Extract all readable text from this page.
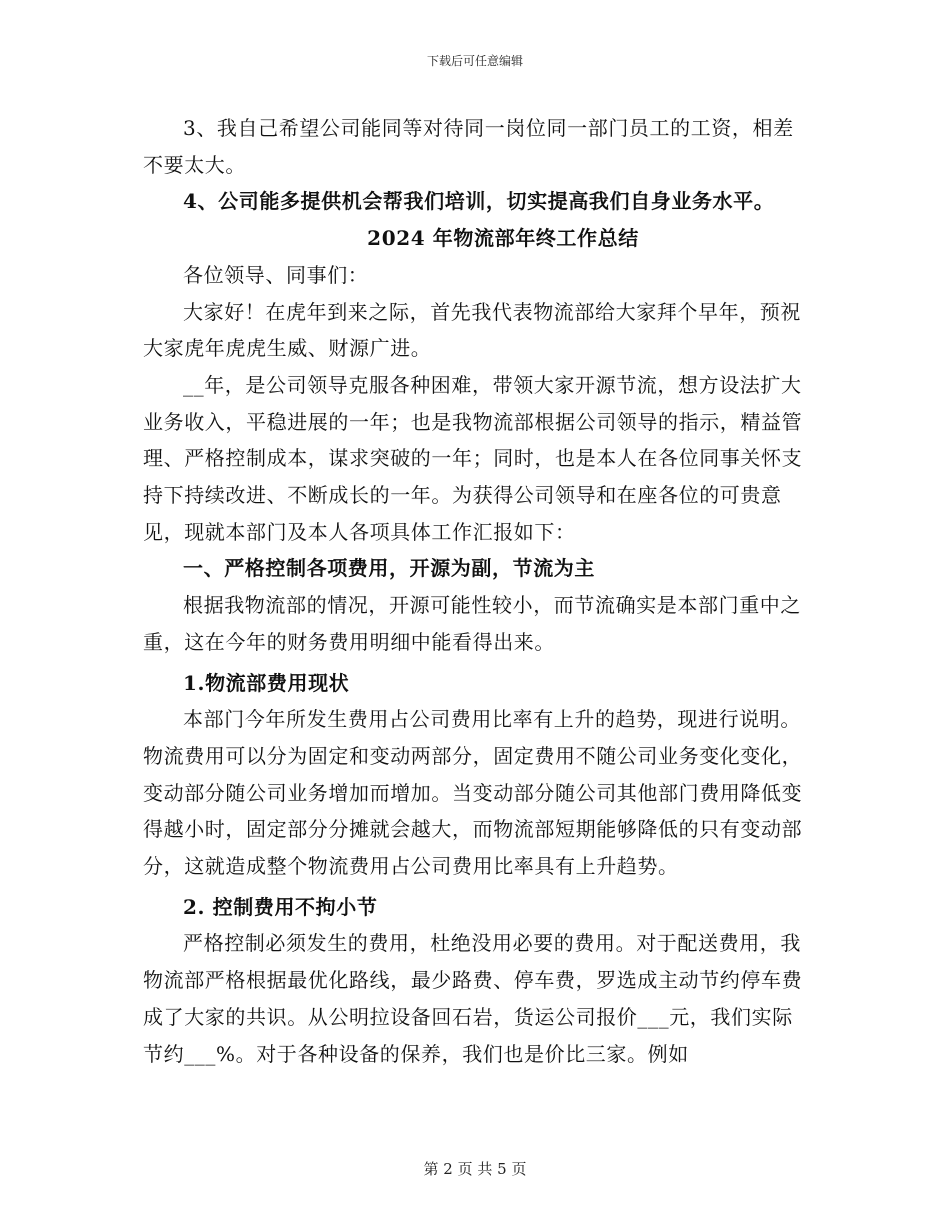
下载后可任意编辑

3、我自己希望公司能同等对待同一岗位同一部门员工的工资，相差不要太大。

4、公司能多提供机会帮我们培训，切实提高我们自身业务水平。

2024 年物流部年终工作总结

各位领导、同事们：

大家好！在虎年到来之际，首先我代表物流部给大家拜个早年，预祝大家虎年虎虎生威、财源广进。

__年，是公司领导克服各种困难，带领大家开源节流，想方设法扩大业务收入，平稳进展的一年；也是我物流部根据公司领导的指示，精益管理、严格控制成本，谋求突破的一年；同时，也是本人在各位同事关怀支持下持续改进、不断成长的一年。为获得公司领导和在座各位的可贵意见，现就本部门及本人各项具体工作汇报如下：

一、严格控制各项费用，开源为副，节流为主

根据我物流部的情况，开源可能性较小，而节流确实是本部门重中之重，这在今年的财务费用明细中能看得出来。

1.物流部费用现状

本部门今年所发生费用占公司费用比率有上升的趋势，现进行说明。物流费用可以分为固定和变动两部分，固定费用不随公司业务变化变化，变动部分随公司业务增加而增加。当变动部分随公司其他部门费用降低变得越小时，固定部分分摊就会越大，而物流部短期能够降低的只有变动部分，这就造成整个物流费用占公司费用比率具有上升趋势。

2. 控制费用不拘小节

严格控制必须发生的费用，杜绝没用必要的费用。对于配送费用，我物流部严格根据最优化路线，最少路费、停车费，罗选成主动节约停车费成了大家的共识。从公明拉设备回石岩，货运公司报价___元，我们实际节约___%。对于各种设备的保养，我们也是价比三家。例如

第 2 页 共 5 页
